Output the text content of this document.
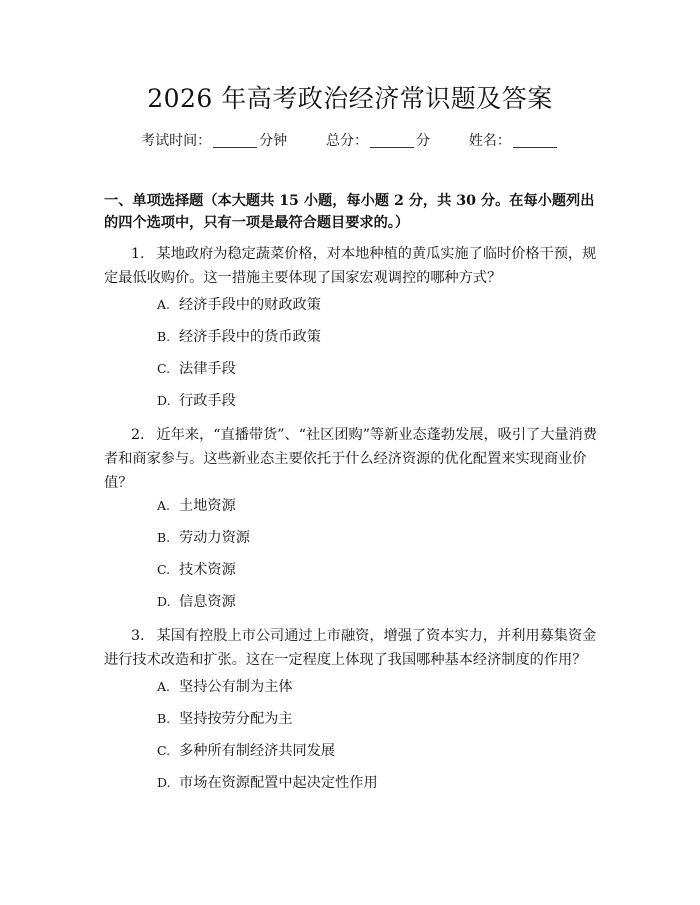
2026 年高考政治经济常识题及答案
考试时间：	分钟	总分：	分	姓名：
一、单项选择题（本大题共 15 小题，每小题 2 分，共 30 分。在每小题列出的四个选项中，只有一项是最符合题目要求的。）
1. 某地政府为稳定蔬菜价格，对本地种植的黄瓜实施了临时价格干预，规定最低收购价。这一措施主要体现了国家宏观调控的哪种方式？
A. 经济手段中的财政政策
B. 经济手段中的货币政策
C. 法律手段
D. 行政手段
2. 近年来，“直播带货”、“社区团购”等新业态蓬勃发展，吸引了大量消费者和商家参与。这些新业态主要依托于什么经济资源的优化配置来实现商业价值？
A. 土地资源
B. 劳动力资源
C. 技术资源
D. 信息资源
3. 某国有控股上市公司通过上市融资，增强了资本实力，并利用募集资金进行技术改造和扩张。这在一定程度上体现了我国哪种基本经济制度的作用？
A. 坚持公有制为主体
B. 坚持按劳分配为主
C. 多种所有制经济共同发展
D. 市场在资源配置中起决定性作用
